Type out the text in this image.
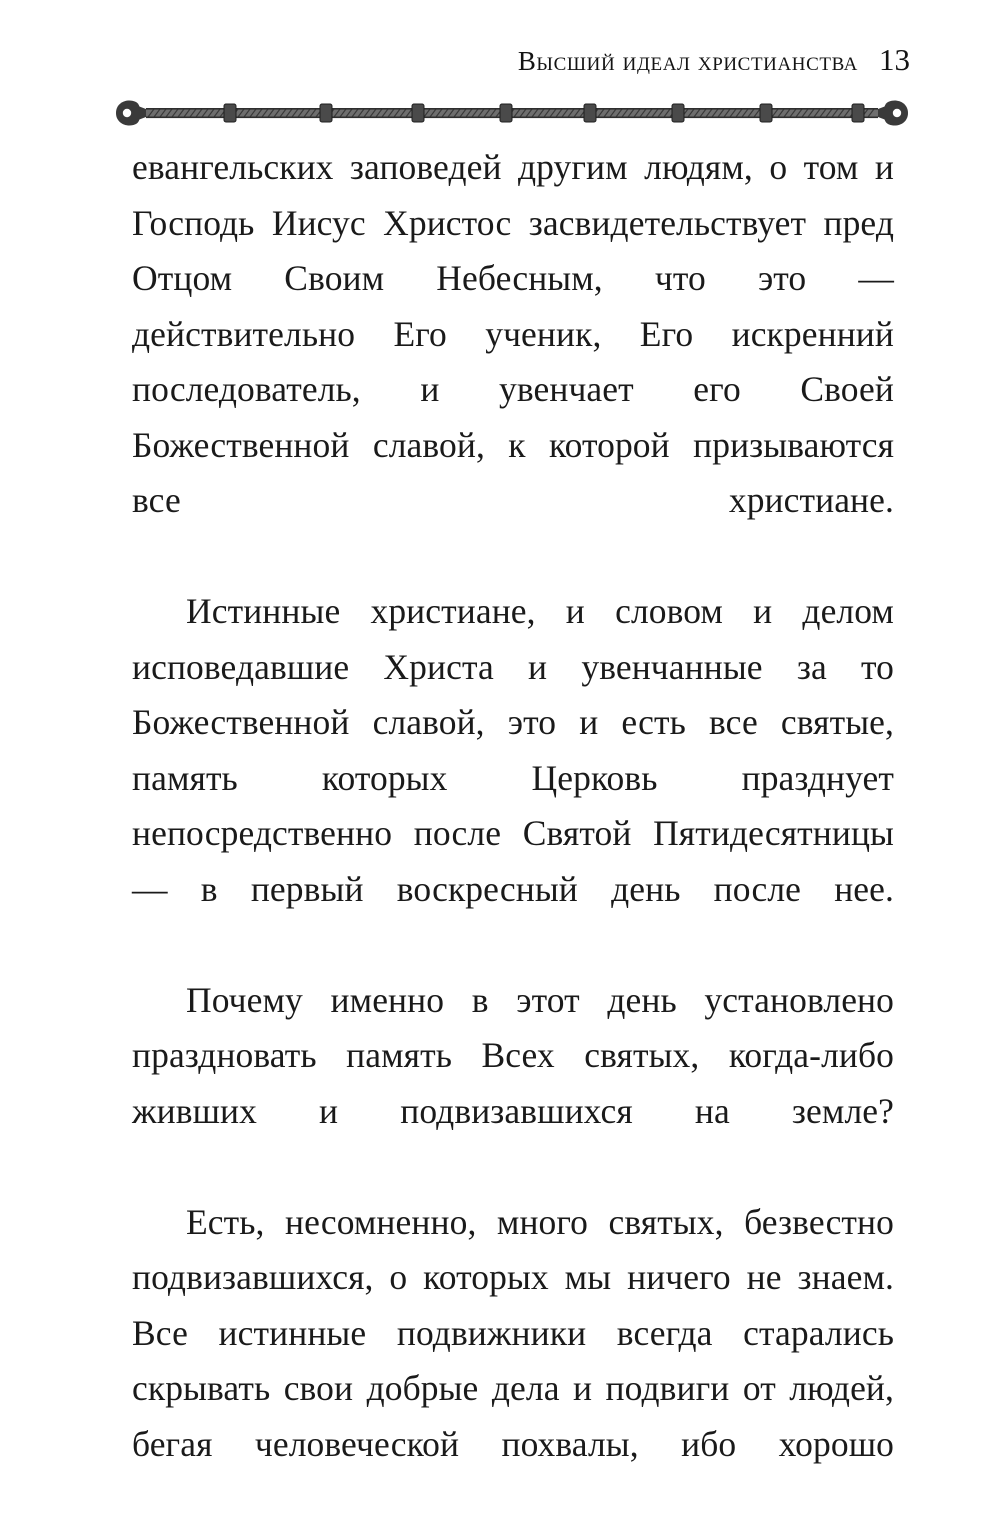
Высший идеал христианства 13

евангельских заповедей другим людям, о том и Господь Иисус Христос засвидетельствует пред Отцом Своим Небесным, что это — действительно Его ученик, Его искренний последователь, и увенчает его Своей Божественной славой, к которой призываются все христиане.

Истинные христиане, и словом и делом исповедавшие Христа и увенчанные за то Божественной славой, это и есть все святые, память которых Церковь празднует непосредственно после Святой Пятидесятницы — в первый воскресный день после нее.

Почему именно в этот день установлено праздновать память Всех святых, когда-либо живших и подвизавшихся на земле?

Есть, несомненно, много святых, безвестно подвизавшихся, о которых мы ничего не знаем. Все истинные подвижники всегда старались скрывать свои добрые дела и подвиги от людей, бегая человеческой похвалы, ибо хорошо
